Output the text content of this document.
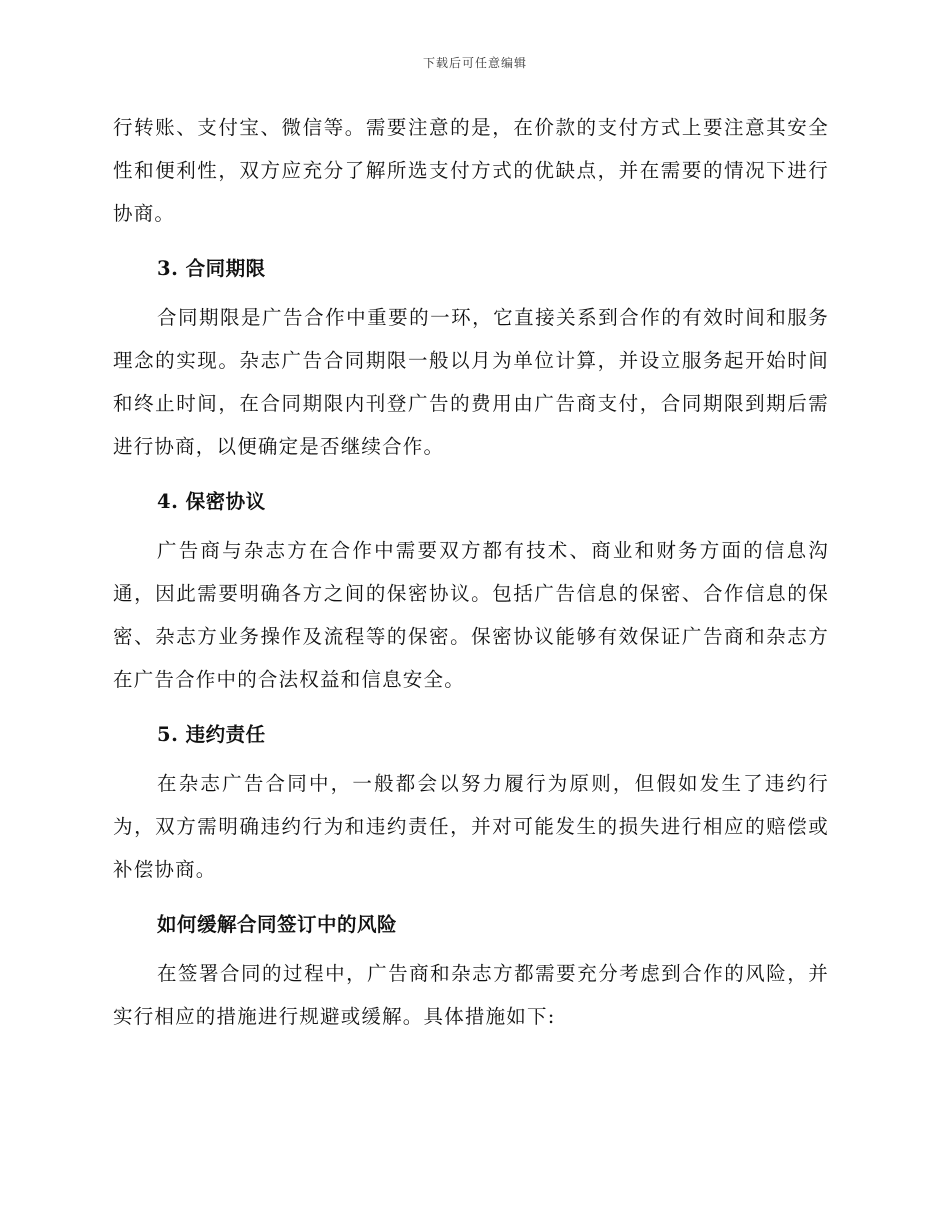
下载后可任意编辑

行转账、支付宝、微信等。需要注意的是，在价款的支付方式上要注意其安全性和便利性，双方应充分了解所选支付方式的优缺点，并在需要的情况下进行协商。

3. 合同期限

合同期限是广告合作中重要的一环，它直接关系到合作的有效时间和服务理念的实现。杂志广告合同期限一般以月为单位计算，并设立服务起开始时间和终止时间，在合同期限内刊登广告的费用由广告商支付，合同期限到期后需进行协商，以便确定是否继续合作。

4. 保密协议

广告商与杂志方在合作中需要双方都有技术、商业和财务方面的信息沟通，因此需要明确各方之间的保密协议。包括广告信息的保密、合作信息的保密、杂志方业务操作及流程等的保密。保密协议能够有效保证广告商和杂志方在广告合作中的合法权益和信息安全。

5. 违约责任

在杂志广告合同中，一般都会以努力履行为原则，但假如发生了违约行为，双方需明确违约行为和违约责任，并对可能发生的损失进行相应的赔偿或补偿协商。

如何缓解合同签订中的风险

在签署合同的过程中，广告商和杂志方都需要充分考虑到合作的风险，并实行相应的措施进行规避或缓解。具体措施如下:
